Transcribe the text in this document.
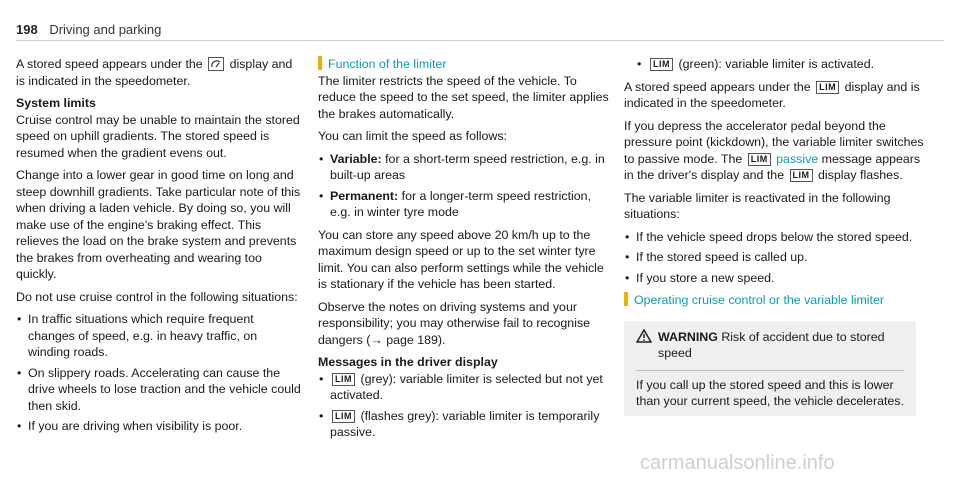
198 Driving and parking

A stored speed appears under the display and is indicated in the speedometer.

System limits

Cruise control may be unable to maintain the stored speed on uphill gradients. The stored speed is resumed when the gradient evens out.

Change into a lower gear in good time on long and steep downhill gradients. Take particular note of this when driving a laden vehicle. By doing so, you will make use of the engine's braking effect. This relieves the load on the brake system and prevents the brakes from overheating and wearing too quickly.

Do not use cruise control in the following situations:

• In traffic situations which require frequent changes of speed, e.g. in heavy traffic, on winding roads.
• On slippery roads. Accelerating can cause the drive wheels to lose traction and the vehicle could then skid.
• If you are driving when visibility is poor.

Function of the limiter

The limiter restricts the speed of the vehicle. To reduce the speed to the set speed, the limiter applies the brakes automatically.

You can limit the speed as follows:

• Variable: for a short-term speed restriction, e.g. in built-up areas
• Permanent: for a longer-term speed restriction, e.g. in winter tyre mode

You can store any speed above 20 km/h up to the maximum design speed or up to the set winter tyre limit. You can also perform settings while the vehicle is stationary if the vehicle has been started.

Observe the notes on driving systems and your responsibility; you may otherwise fail to recognise dangers (→ page 189).

Messages in the driver display

• LIM (grey): variable limiter is selected but not yet activated.
• LIM (flashes grey): variable limiter is temporarily passive.
• LIM (green): variable limiter is activated.

A stored speed appears under the LIM display and is indicated in the speedometer.

If you depress the accelerator pedal beyond the pressure point (kickdown), the variable limiter switches to passive mode. The LIM passive message appears in the driver's display and the LIM display flashes.

The variable limiter is reactivated in the following situations:

• If the vehicle speed drops below the stored speed.
• If the stored speed is called up.
• If you store a new speed.

Operating cruise control or the variable limiter

WARNING Risk of accident due to stored speed
If you call up the stored speed and this is lower than your current speed, the vehicle decelerates.
carmanualsonline.info
